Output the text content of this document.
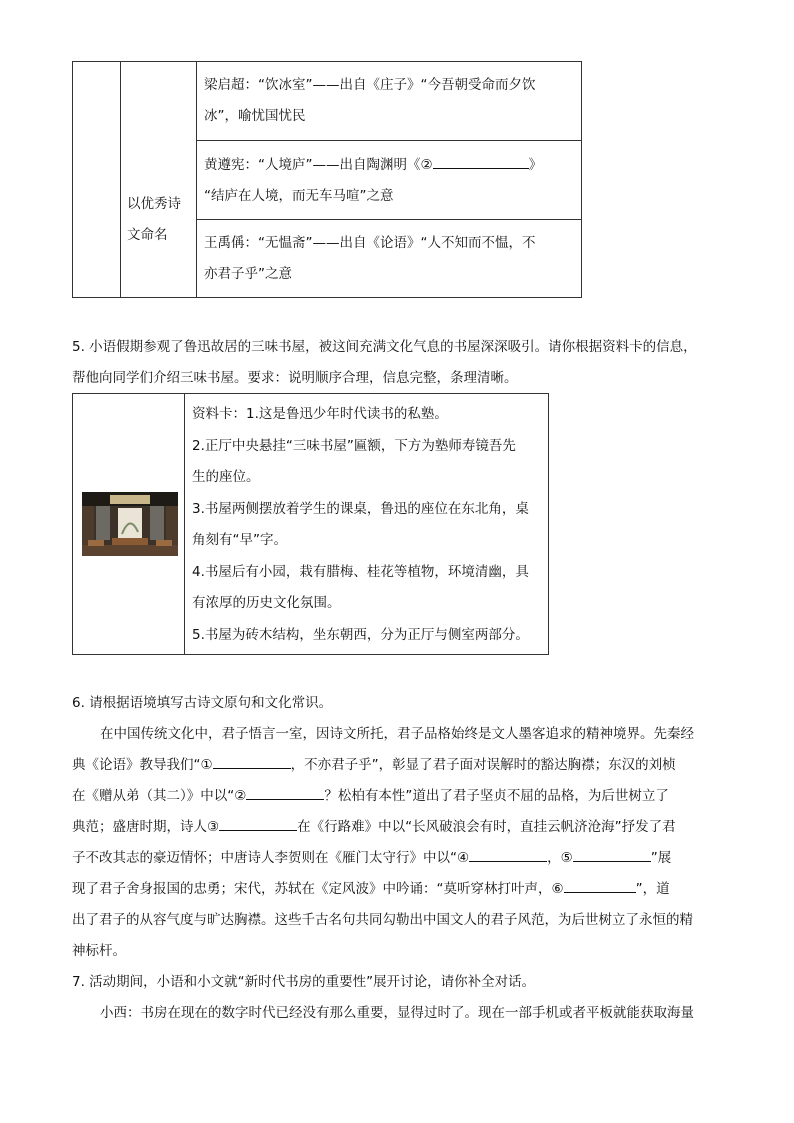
以优秀诗
文命名
梁启超：“饮冰室”——出自《庄子》“今吾朝受命而夕饮
冰”，喻忧国忧民
黄遵宪：“人境庐”——出自陶渊明《②	》
“结庐在人境，而无车马喧”之意
王禹偁：“无愠斋”——出自《论语》“人不知而不愠，不
亦君子乎”之意
5. 小语假期参观了鲁迅故居的三味书屋，被这间充满文化气息的书屋深深吸引。请你根据资料卡的信息，
帮他向同学们介绍三味书屋。要求：说明顺序合理，信息完整，条理清晰。
资料卡：1.这是鲁迅少年时代读书的私塾。
2.正厅中央悬挂“三味书屋”匾额，下方为塾师寿镜吾先
生的座位。
3.书屋两侧摆放着学生的课桌，鲁迅的座位在东北角，桌
角刻有“早”字。
4.书屋后有小园，栽有腊梅、桂花等植物，环境清幽，具
有浓厚的历史文化氛围。
5.书屋为砖木结构，坐东朝西，分为正厅与侧室两部分。
6. 请根据语境填写古诗文原句和文化常识。
在中国传统文化中，君子悟言一室，因诗文所托，君子品格始终是文人墨客追求的精神境界。先秦经
典《论语》教导我们“①	，不亦君子乎”，彰显了君子面对误解时的豁达胸襟；东汉的刘桢
在《赠从弟（其二）》中以“②	？松柏有本性”道出了君子坚贞不屈的品格，为后世树立了
典范；盛唐时期，诗人③	在《行路难》中以“长风破浪会有时，直挂云帆济沧海”抒发了君
子不改其志的豪迈情怀；中唐诗人李贺则在《雁门太守行》中以“④	，⑤	”展
现了君子舍身报国的忠勇；宋代，苏轼在《定风波》中吟诵：“莫听穿林打叶声，⑥	”，道
出了君子的从容气度与旷达胸襟。这些千古名句共同勾勒出中国文人的君子风范，为后世树立了永恒的精
神标杆。
7. 活动期间，小语和小文就“新时代书房的重要性”展开讨论，请你补全对话。
小西：书房在现在的数字时代已经没有那么重要，显得过时了。现在一部手机或者平板就能获取海量
